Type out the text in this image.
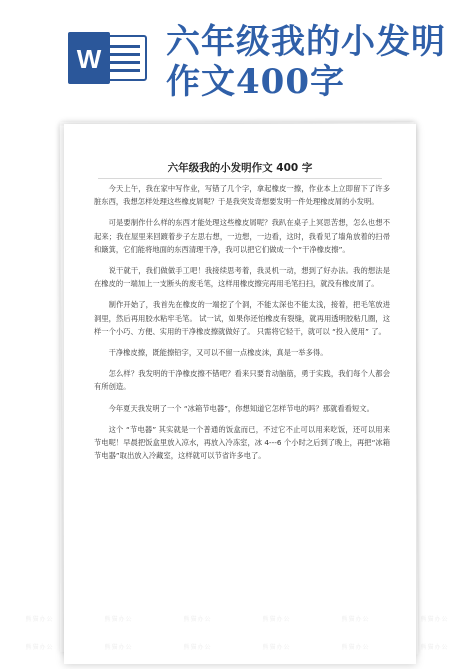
W 六年级我的小发明
作文400字
六年级我的小发明作文 400 字

今天上午，我在家中写作业，写错了几个字，拿起橡皮一擦，作业本上立即留下了许多脏东西，我想怎样处理这些橡皮屑呢？于是我突发奇想要发明一件处理橡皮屑的小发明。

可是要制作什么样的东西才能处理这些橡皮屑呢？我趴在桌子上冥思苦想，怎么也想不起来；我在屋里来回踱着步子左思右想，一边想，一边看，这时，我看见了墙角放着的扫帚和簸箕，它们能将地面的东西清理干净，我可以把它们做成一个“干净橡皮擦”。

说干就干，我们做做手工吧！我接续思考着，我灵机一动，想到了好办法。我的想法是在橡皮的一端加上一支断头的废毛笔，这样用橡皮擦完再用毛笔扫扫，就没有橡皮屑了。

制作开始了，我首先在橡皮的一端挖了个洞，不能太深也不能太浅，接着，把毛笔放进洞里，然后再用胶水粘牢毛笔。 试一试，如果你还怕橡皮有裂缝，就再用透明胶粘几圈，这样一个小巧、方便、实用的干净橡皮擦就做好了。 只需将它轻干，就可以 “投入使用” 了。

干净橡皮擦，既能擦铅字，又可以不留一点橡皮沫，真是一举多得。

怎么样？我发明的干净橡皮擦不错吧？看来只要肯动脑筋，勇于实践，我们每个人都会有所创造。

今年夏天我发明了一个 “冰箱节电器”，你想知道它怎样节电的吗？那就看看短文。

这个 “节电器” 其实就是一个普通的饭盒而已，不过它不止可以用来吃饭，还可以用来节电呢！早晨把饭盒里放入凉水，再放入冷冻室，冰 4---6 个小时之后到了晚上，再把“冰箱节电器”取出放入冷藏室，这样就可以节省许多电了。

熊猫办公	熊猫办公	熊猫办公	熊猫办公	熊猫办公	熊猫办公
熊猫办公	熊猫办公	熊猫办公	熊猫办公	熊猫办公	熊猫办公
